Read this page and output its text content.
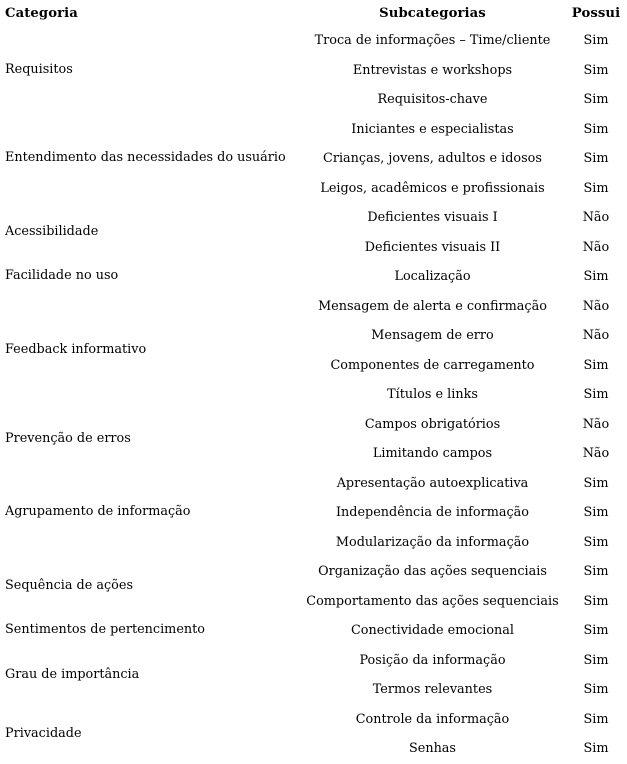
Categoria	Subcategorias	Possui
Requisitos	Troca de informações – Time/cliente	Sim
	Entrevistas e workshops	Sim
	Requisitos-chave	Sim
Entendimento das necessidades do usuário	Iniciantes e especialistas	Sim
	Crianças, jovens, adultos e idosos	Sim
	Leigos, acadêmicos e profissionais	Sim
Acessibilidade	Deficientes visuais I	Não
	Deficientes visuais II	Não
Facilidade no uso	Localização	Sim
Feedback informativo	Mensagem de alerta e confirmação	Não
	Mensagem de erro	Não
	Componentes de carregamento	Sim
	Títulos e links	Sim
Prevenção de erros	Campos obrigatórios	Não
	Limitando campos	Não
Agrupamento de informação	Apresentação autoexplicativa	Sim
	Independência de informação	Sim
	Modularização da informação	Sim
Sequência de ações	Organização das ações sequenciais	Sim
	Comportamento das ações sequenciais	Sim
Sentimentos de pertencimento	Conectividade emocional	Sim
Grau de importância	Posição da informação	Sim
	Termos relevantes	Sim
Privacidade	Controle da informação	Sim
	Senhas	Sim
